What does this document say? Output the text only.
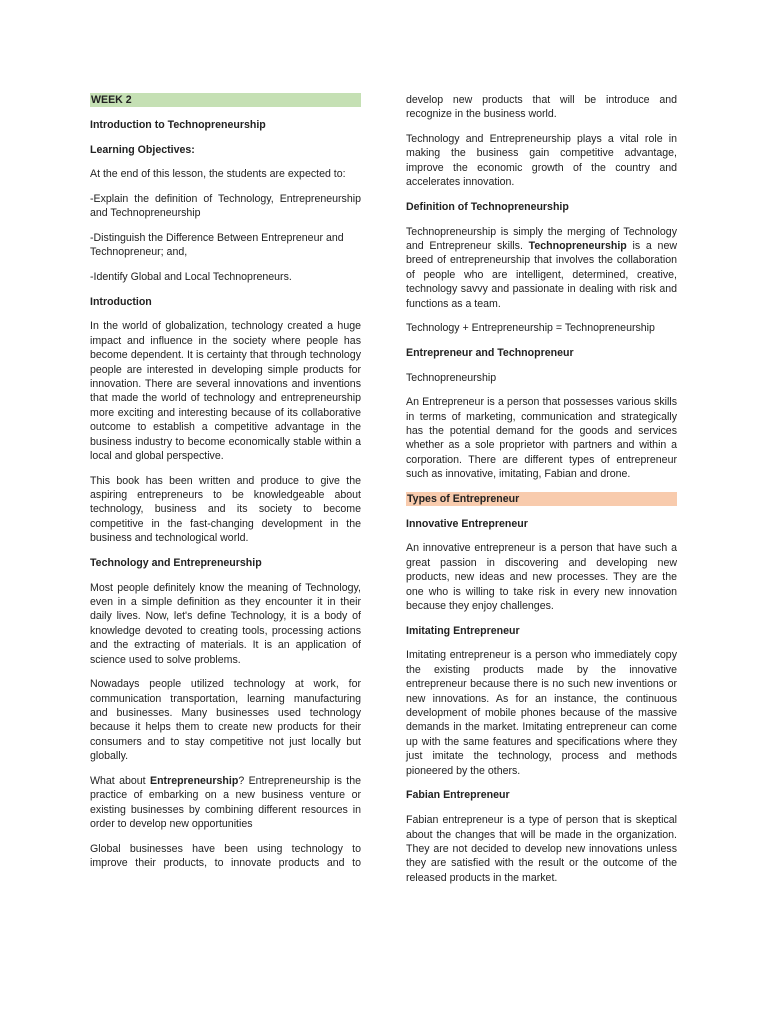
WEEK 2
Introduction to Technopreneurship
Learning Objectives:

At the end of this lesson, the students are expected to:

-Explain the definition of Technology, Entrepreneurship and Technopreneurship

-Distinguish the Difference Between Entrepreneur and Technopreneur; and,

-Identify Global and Local Technopreneurs.

Introduction

In the world of globalization, technology created a huge impact and influence in the society where people has become dependent. It is certainty that through technology people are interested in developing simple products for innovation. There are several innovations and inventions that made the world of technology and entrepreneurship more exciting and interesting because of its collaborative outcome to establish a competitive advantage in the business industry to become economically stable within a local and global perspective.

This book has been written and produce to give the aspiring entrepreneurs to be knowledgeable about technology, business and its society to become competitive in the fast-changing development in the business and technological world.

Technology and Entrepreneurship

Most people definitely know the meaning of Technology, even in a simple definition as they encounter it in their daily lives. Now, let's define Technology, it is a body of knowledge devoted to creating tools, processing actions and the extracting of materials. It is an application of science used to solve problems.

Nowadays people utilized technology at work, for communication transportation, learning manufacturing and businesses. Many businesses used technology because it helps them to create new products for their consumers and to stay competitive not just locally but globally.

What about Entrepreneurship? Entrepreneurship is the practice of embarking on a new business venture or existing businesses by combining different resources in order to develop new opportunities

Global businesses have been using technology to improve their products, to innovate products and to

develop new products that will be introduce and recognize in the business world.

Technology and Entrepreneurship plays a vital role in making the business gain competitive advantage, improve the economic growth of the country and accelerates innovation.

Definition of Technopreneurship

Technopreneurship is simply the merging of Technology and Entrepreneur skills. Technopreneurship is a new breed of entrepreneurship that involves the collaboration of people who are intelligent, determined, creative, technology savvy and passionate in dealing with risk and functions as a team.

Technology + Entrepreneurship = Technopreneurship

Entrepreneur and Technopreneur

Technopreneurship

An Entrepreneur is a person that possesses various skills in terms of marketing, communication and strategically has the potential demand for the goods and services whether as a sole proprietor with partners and within a corporation. There are different types of entrepreneur such as innovative, imitating, Fabian and drone.

Types of Entrepreneur
Innovative Entrepreneur

An innovative entrepreneur is a person that have such a great passion in discovering and developing new products, new ideas and new processes. They are the one who is willing to take risk in every new innovation because they enjoy challenges.

Imitating Entrepreneur

Imitating entrepreneur is a person who immediately copy the existing products made by the innovative entrepreneur because there is no such new inventions or new innovations. As for an instance, the continuous development of mobile phones because of the massive demands in the market. Imitating entrepreneur can come up with the same features and specifications where they just imitate the technology, process and methods pioneered by the others.

Fabian Entrepreneur

Fabian entrepreneur is a type of person that is skeptical about the changes that will be made in the organization. They are not decided to develop new innovations unless they are satisfied with the result or the outcome of the released products in the market.
